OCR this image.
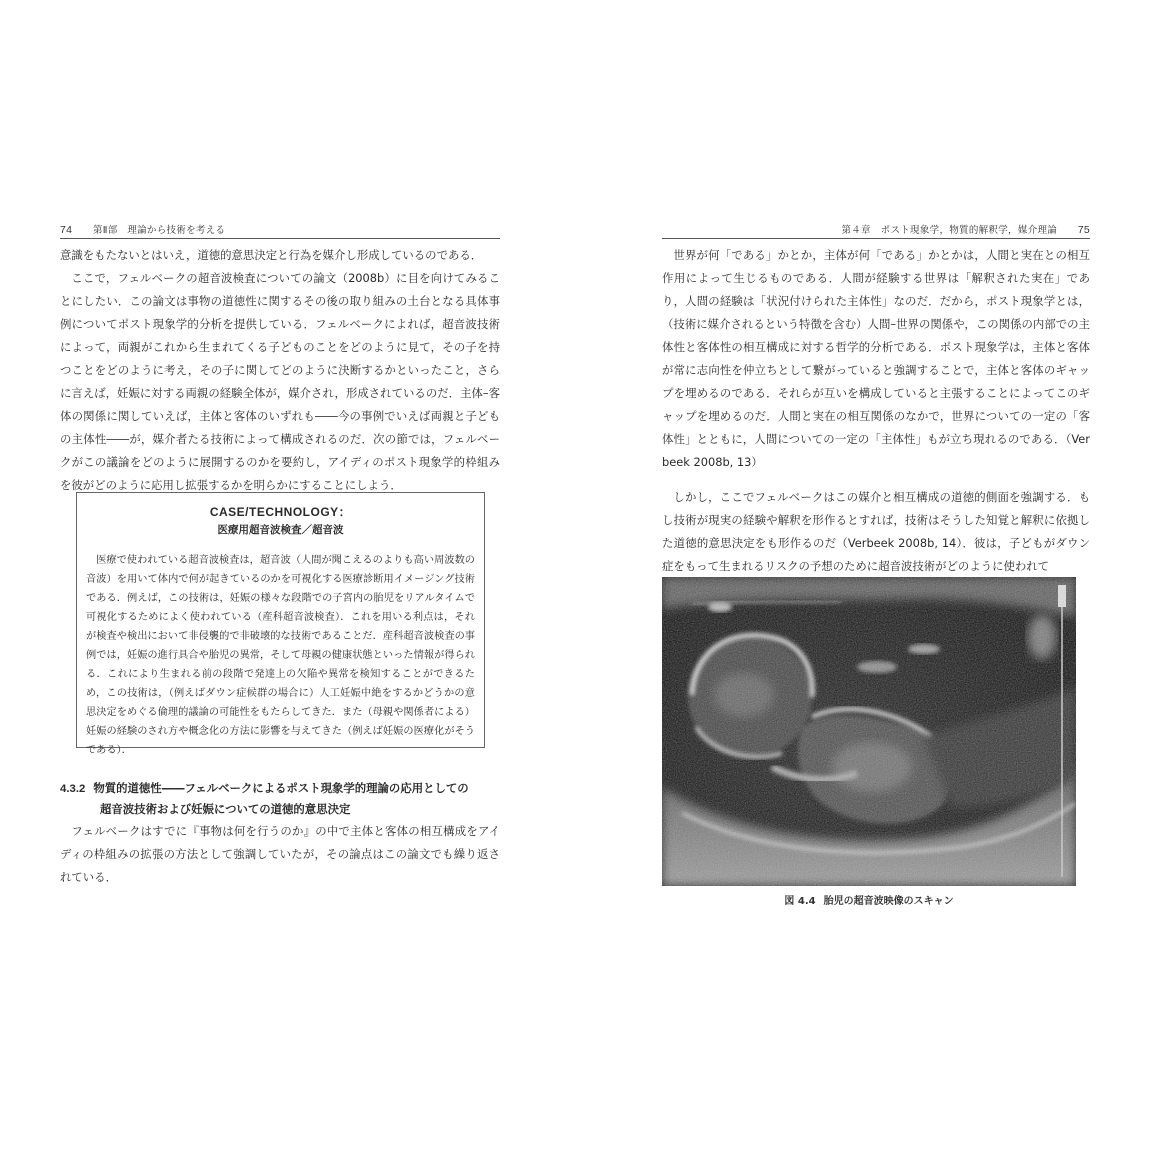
74 第Ⅱ部　理論から技術を考える	第４章　ポスト現象学，物質的解釈学，媒介理論 75

意識をもたないとはいえ，道徳的意思決定と行為を媒介し形成しているのである．

ここで，フェルベークの超音波検査についての論文（2008b）に目を向けてみることにしたい．この論文は事物の道徳性に関するその後の取り組みの土台となる具体事例についてポスト現象学的分析を提供している．フェルベークによれば，超音波技術によって，両親がこれから生まれてくる子どものことをどのように見て，その子を持つことをどのように考え，その子に関してどのように決断するかといったこと，さらに言えば，妊娠に対する両親の経験全体が，媒介され，形成されているのだ．主体–客体の関係に関していえば，主体と客体のいずれも――今の事例でいえば両親と子どもの主体性――が，媒介者たる技術によって構成されるのだ．次の節では，フェルベークがこの議論をどのように展開するのかを要約し，アイディのポスト現象学的枠組みを彼がどのように応用し拡張するかを明らかにすることにしよう．

CASE/TECHNOLOGY：
医療用超音波検査／超音波
医療で使われている超音波検査は，超音波（人間が聞こえるのよりも高い周波数の音波）を用いて体内で何が起きているのかを可視化する医療診断用イメージング技術である．例えば，この技術は，妊娠の様々な段階での子宮内の胎児をリアルタイムで可視化するためによく使われている（産科超音波検査）．これを用いる利点は，それが検査や検出において非侵襲的で非破壊的な技術であることだ．産科超音波検査の事例では，妊娠の進行具合や胎児の異常，そして母親の健康状態といった情報が得られる．これにより生まれる前の段階で発達上の欠陥や異常を検知することができるため，この技術は，（例えばダウン症候群の場合に）人工妊娠中絶をするかどうかの意思決定をめぐる倫理的議論の可能性をもたらしてきた．また（母親や関係者による）妊娠の経験のされ方や概念化の方法に影響を与えてきた（例えば妊娠の医療化がそうである）．
4.3.2 物質的道徳性――フェルベークによるポスト現象学的理論の応用としての
超音波技術および妊娠についての道徳的意思決定

フェルベークはすでに『事物は何を行うのか』の中で主体と客体の相互構成をアイディの枠組みの拡張の方法として強調していたが，その論点はこの論文でも繰り返されている．

世界が何「である」かとか，主体が何「である」かとかは，人間と実在との相互作用によって生じるものである．人間が経験する世界は「解釈された実在」であり，人間の経験は「状況付けられた主体性」なのだ．だから，ポスト現象学とは，（技術に媒介されるという特徴を含む）人間–世界の関係や，この関係の内部での主体性と客体性の相互構成に対する哲学的分析である．ポスト現象学は，主体と客体が常に志向性を仲立ちとして繋がっていると強調することで，主体と客体のギャップを埋めるのである．それらが互いを構成していると主張することによってこのギャップを埋めるのだ．人間と実在の相互関係のなかで，世界についての一定の「客体性」とともに，人間についての一定の「主体性」もが立ち現れるのである．（Verbeek 2008b, 13）

しかし，ここでフェルベークはこの媒介と相互構成の道徳的側面を強調する．もし技術が現実の経験や解釈を形作るとすれば，技術はそうした知覚と解釈に依拠した道徳的意思決定をも形作るのだ（Verbeek 2008b, 14）．彼は，子どもがダウン症をもって生まれるリスクの予想のために超音波技術がどのように使われて

図 4.4 胎児の超音波映像のスキャン
